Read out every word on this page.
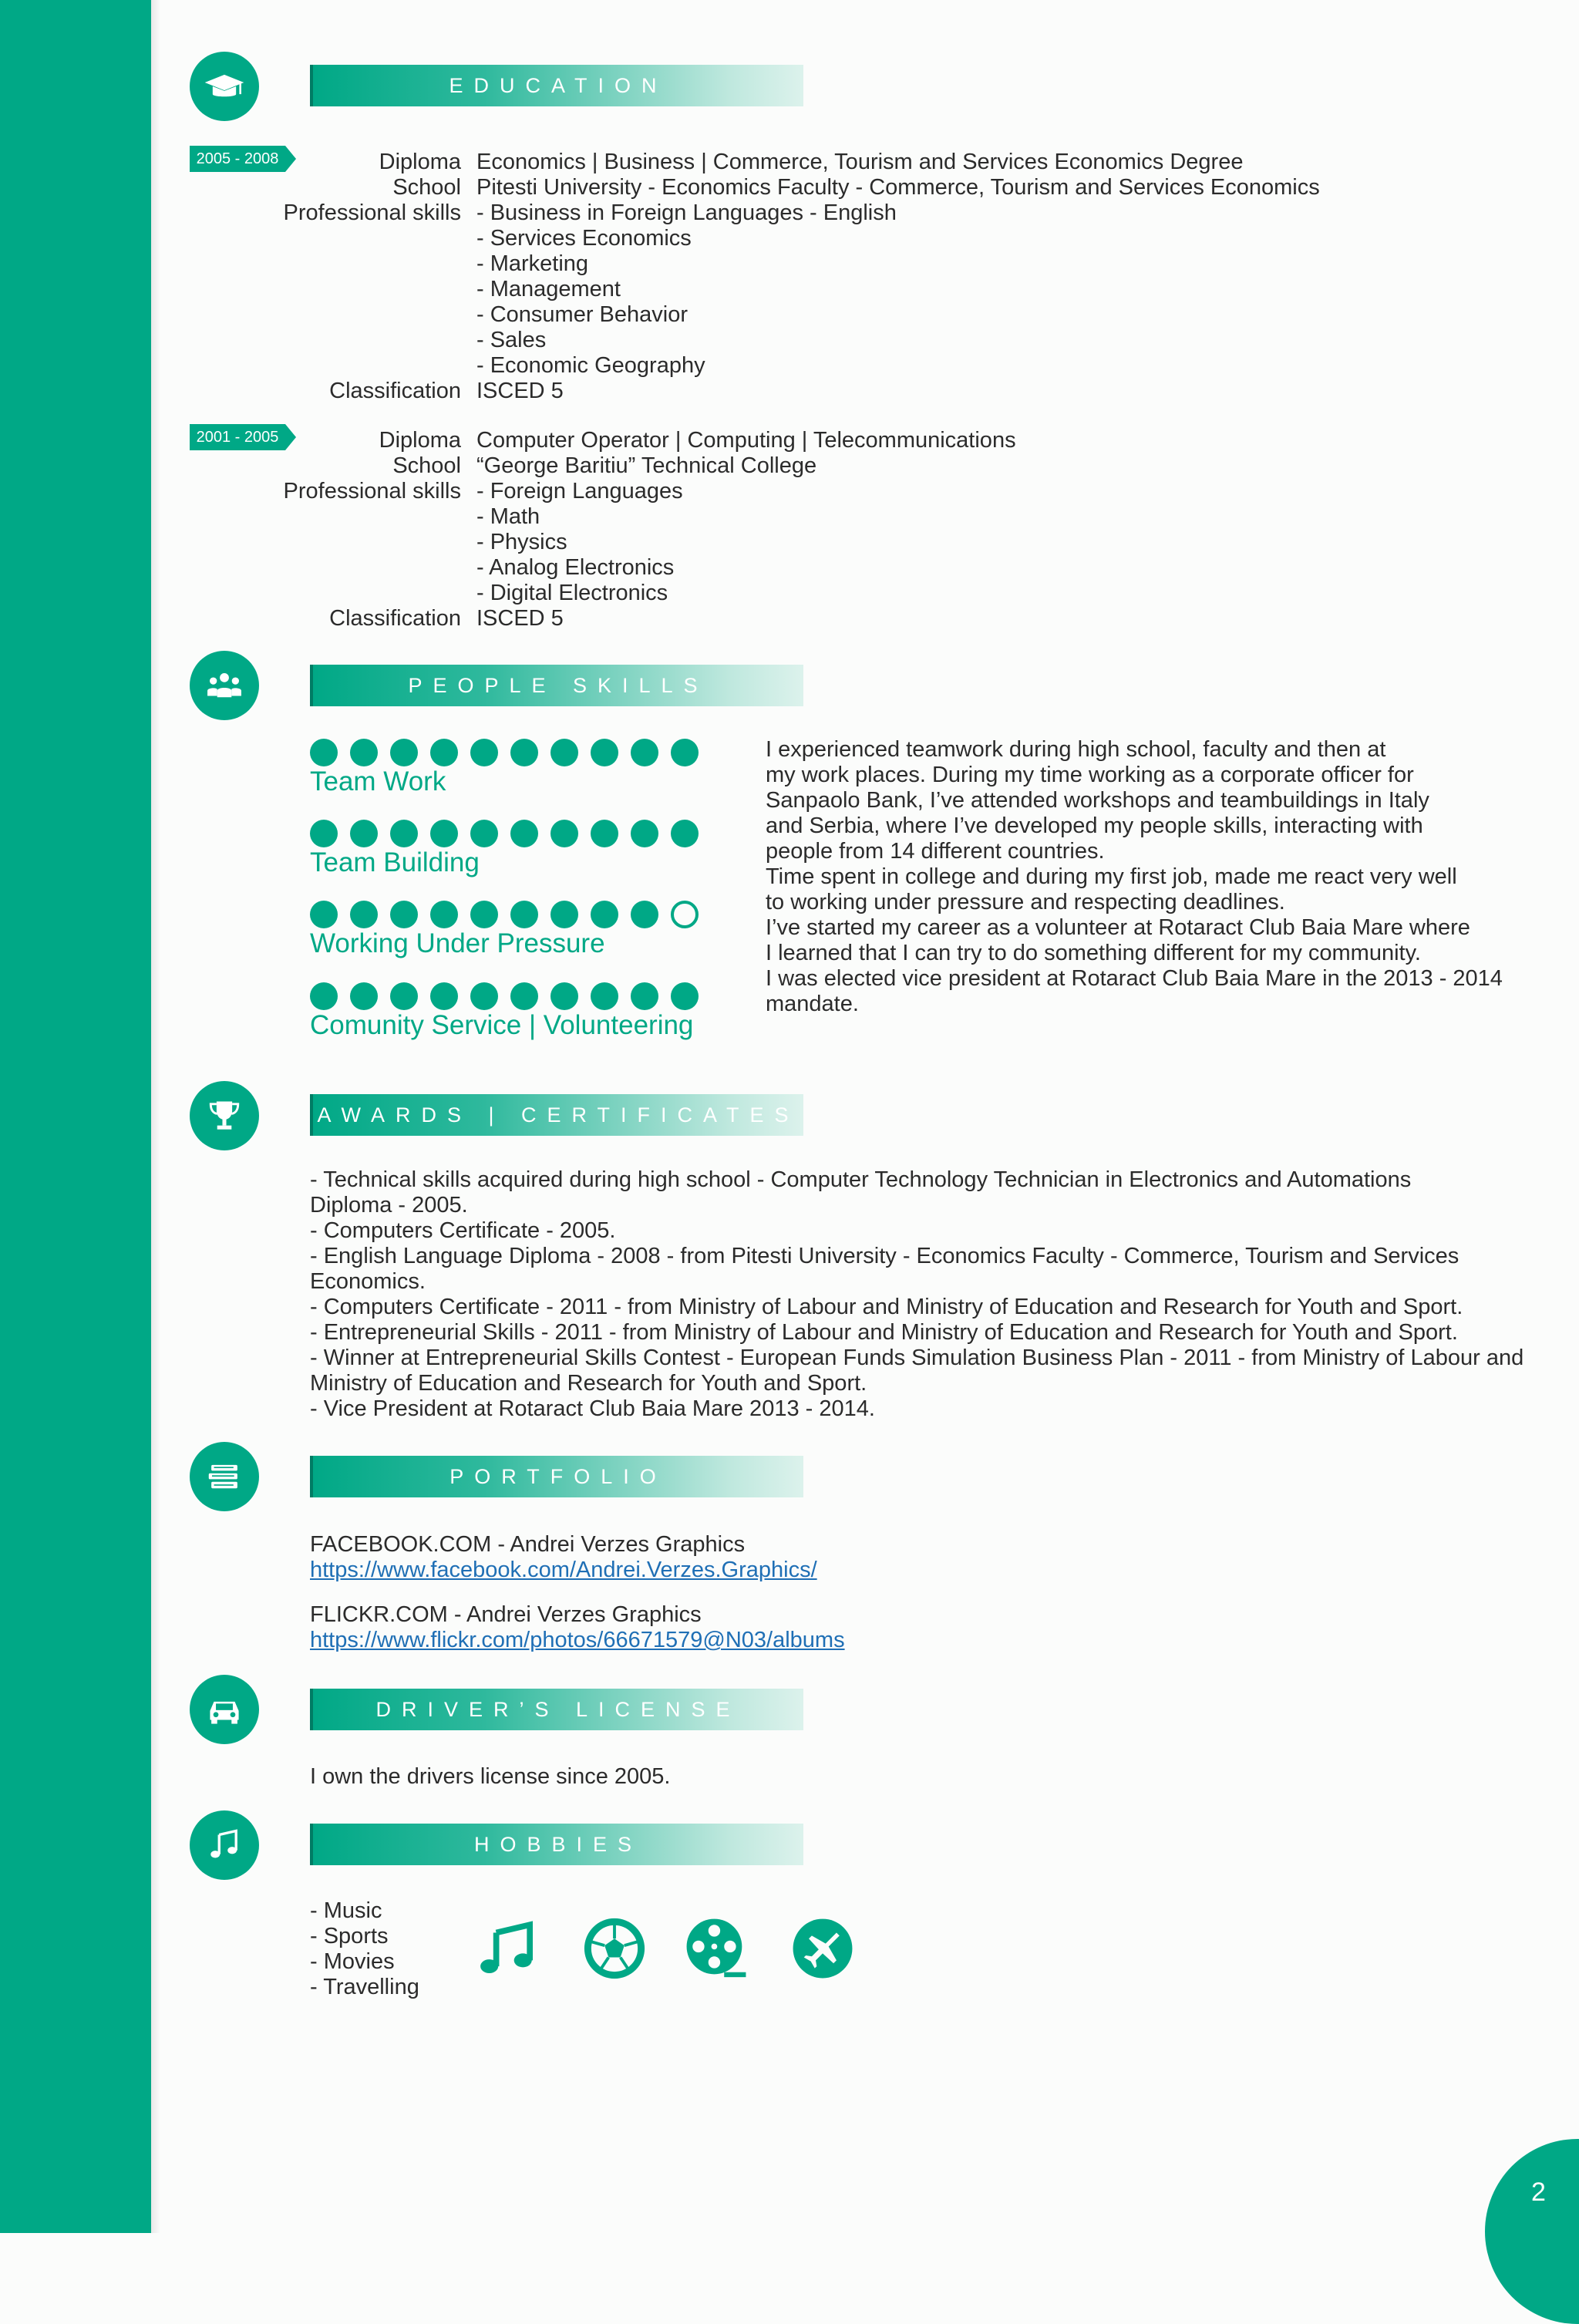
EDUCATION
2005 - 2008	Diploma Economics | Business | Commerce, Tourism and Services Economics Degree
School Pitesti University - Economics Faculty - Commerce, Tourism and Services Economics
Professional skills - Business in Foreign Languages - English
- Services Economics
- Marketing
- Management
- Consumer Behavior
- Sales
- Economic Geography
Classification ISCED 5
2001 - 2005	Diploma Computer Operator | Computing | Telecommunications
School “George Baritiu” Technical College
Professional skills - Foreign Languages
- Math
- Physics
- Analog Electronics
- Digital Electronics
Classification ISCED 5
PEOPLE SKILLS
Team Work
Team Building
Working Under Pressure
Comunity Service | Volunteering
I experienced teamwork during high school, faculty and then at
my work places. During my time working as a corporate officer for
Sanpaolo Bank, I’ve attended workshops and teambuildings in Italy
and Serbia, where I’ve developed my people skills, interacting with
people from 14 different countries.
Time spent in college and during my first job, made me react very well
to working under pressure and respecting deadlines.
I’ve started my career as a volunteer at Rotaract Club Baia Mare where
I learned that I can try to do something different for my community.
I was elected vice president at Rotaract Club Baia Mare in the 2013 - 2014
mandate.
AWARDS | CERTIFICATES
- Technical skills acquired during high school - Computer Technology Technician in Electronics and Automations
Diploma - 2005.
- Computers Certificate - 2005.
- English Language Diploma - 2008 - from Pitesti University - Economics Faculty - Commerce, Tourism and Services
Economics.
- Computers Certificate - 2011 - from Ministry of Labour and Ministry of Education and Research for Youth and Sport.
- Entrepreneurial Skills - 2011 - from Ministry of Labour and Ministry of Education and Research for Youth and Sport.
- Winner at Entrepreneurial Skills Contest - European Funds Simulation Business Plan - 2011 - from Ministry of Labour and
Ministry of Education and Research for Youth and Sport.
- Vice President at Rotaract Club Baia Mare 2013 - 2014.
PORTFOLIO
FACEBOOK.COM - Andrei Verzes Graphics
https://www.facebook.com/Andrei.Verzes.Graphics/
FLICKR.COM - Andrei Verzes Graphics
https://www.flickr.com/photos/66671579@N03/albums
DRIVER’S LICENSE
I own the drivers license since 2005.
HOBBIES
- Music
- Sports
- Movies
- Travelling
2
